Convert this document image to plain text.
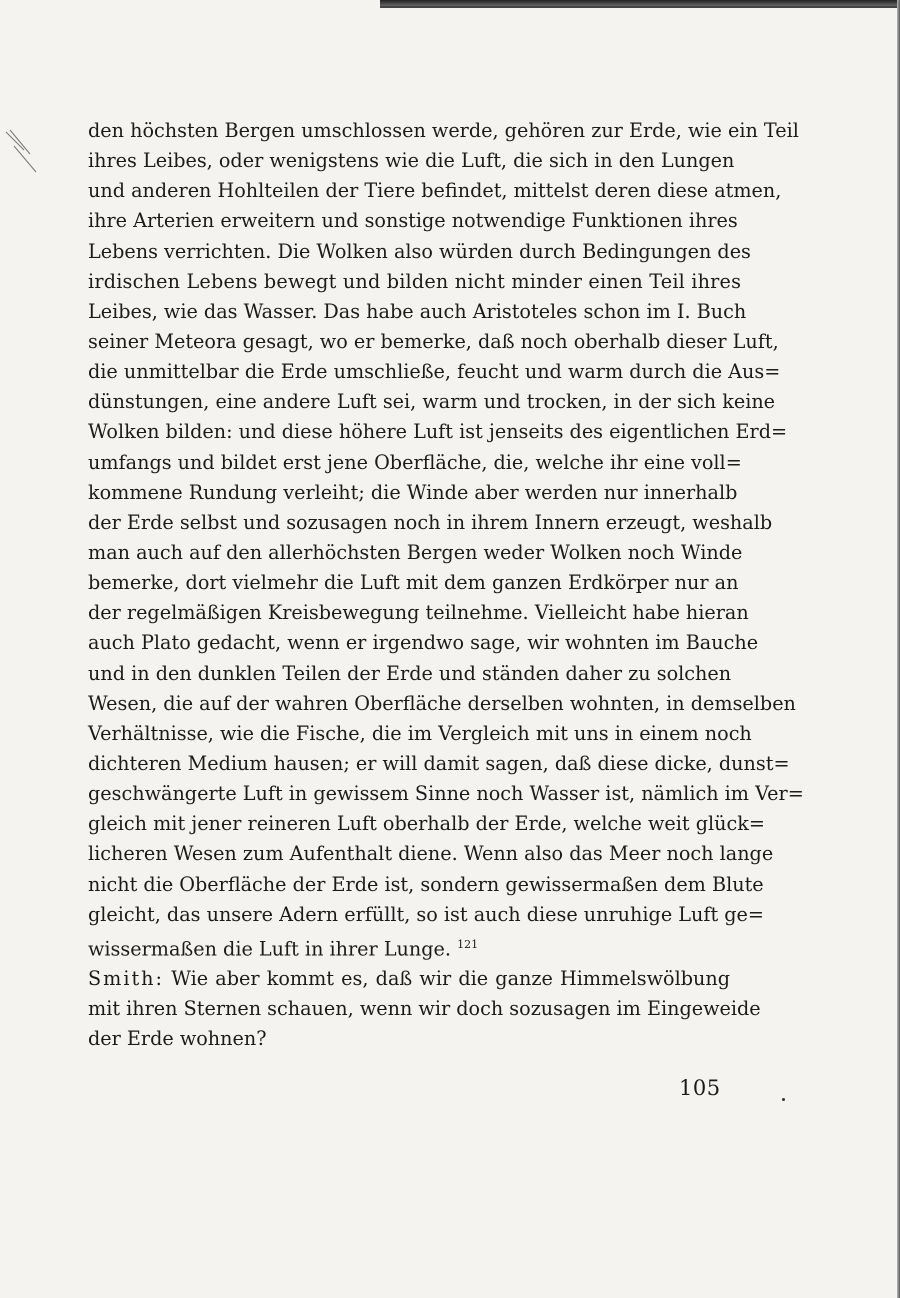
den höchsten Bergen umschlossen werde, gehören zur Erde, wie ein Teil
ihres Leibes, oder wenigstens wie die Luft, die sich in den Lungen
und anderen Hohlteilen der Tiere befindet, mittelst deren diese atmen,
ihre Arterien erweitern und sonstige notwendige Funktionen ihres
Lebens verrichten. Die Wolken also würden durch Bedingungen des
irdischen Lebens bewegt und bilden nicht minder einen Teil ihres
Leibes, wie das Wasser. Das habe auch Aristoteles schon im I. Buch
seiner Meteora gesagt, wo er bemerke, daß noch oberhalb dieser Luft,
die unmittelbar die Erde umschließe, feucht und warm durch die Aus=
dünstungen, eine andere Luft sei, warm und trocken, in der sich keine
Wolken bilden: und diese höhere Luft ist jenseits des eigentlichen Erd=
umfangs und bildet erst jene Oberfläche, die, welche ihr eine voll=
kommene Rundung verleiht; die Winde aber werden nur innerhalb
der Erde selbst und sozusagen noch in ihrem Innern erzeugt, weshalb
man auch auf den allerhöchsten Bergen weder Wolken noch Winde
bemerke, dort vielmehr die Luft mit dem ganzen Erdkörper nur an
der regelmäßigen Kreisbewegung teilnehme. Vielleicht habe hieran
auch Plato gedacht, wenn er irgendwo sage, wir wohnten im Bauche
und in den dunklen Teilen der Erde und ständen daher zu solchen
Wesen, die auf der wahren Oberfläche derselben wohnten, in demselben
Verhältnisse, wie die Fische, die im Vergleich mit uns in einem noch
dichteren Medium hausen; er will damit sagen, daß diese dicke, dunst=
geschwängerte Luft in gewissem Sinne noch Wasser ist, nämlich im Ver=
gleich mit jener reineren Luft oberhalb der Erde, welche weit glück=
licheren Wesen zum Aufenthalt diene. Wenn also das Meer noch lange
nicht die Oberfläche der Erde ist, sondern gewissermaßen dem Blute
gleicht, das unsere Adern erfüllt, so ist auch diese unruhige Luft ge=
wissermaßen die Luft in ihrer Lunge. $^{121}$
Smith: Wie aber kommt es, daß wir die ganze Himmelswölbung
mit ihren Sternen schauen, wenn wir doch sozusagen im Eingeweide
der Erde wohnen?
105
